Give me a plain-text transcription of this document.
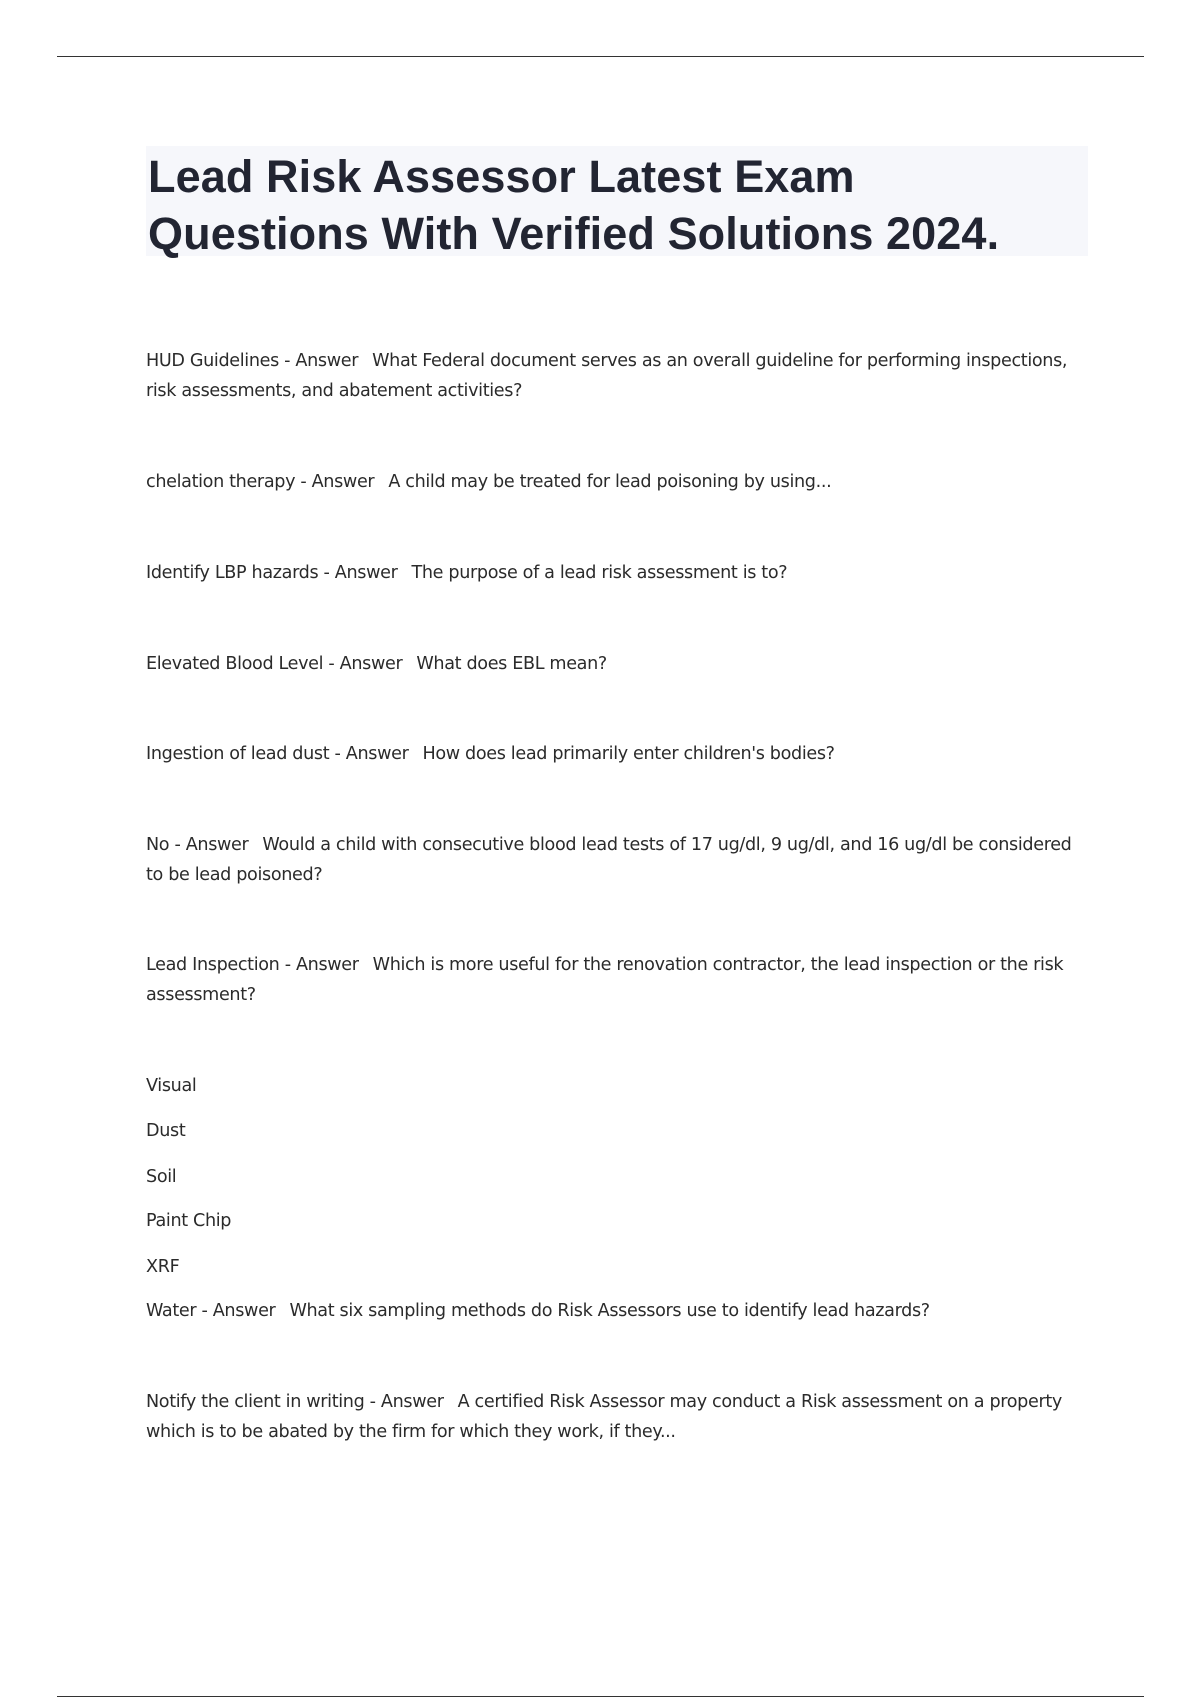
Lead Risk Assessor Latest Exam
Questions With Verified Solutions 2024.

HUD Guidelines - Answer What Federal document serves as an overall guideline for performing inspections, risk assessments, and abatement activities?

chelation therapy - Answer A child may be treated for lead poisoning by using...

Identify LBP hazards - Answer The purpose of a lead risk assessment is to?

Elevated Blood Level - Answer What does EBL mean?

Ingestion of lead dust - Answer How does lead primarily enter children's bodies?

No - Answer Would a child with consecutive blood lead tests of 17 ug/dl, 9 ug/dl, and 16 ug/dl be considered to be lead poisoned?

Lead Inspection - Answer Which is more useful for the renovation contractor, the lead inspection or the risk assessment?

Visual
Dust
Soil
Paint Chip
XRF

Water - Answer What six sampling methods do Risk Assessors use to identify lead hazards?

Notify the client in writing - Answer A certified Risk Assessor may conduct a Risk assessment on a property which is to be abated by the firm for which they work, if they...
